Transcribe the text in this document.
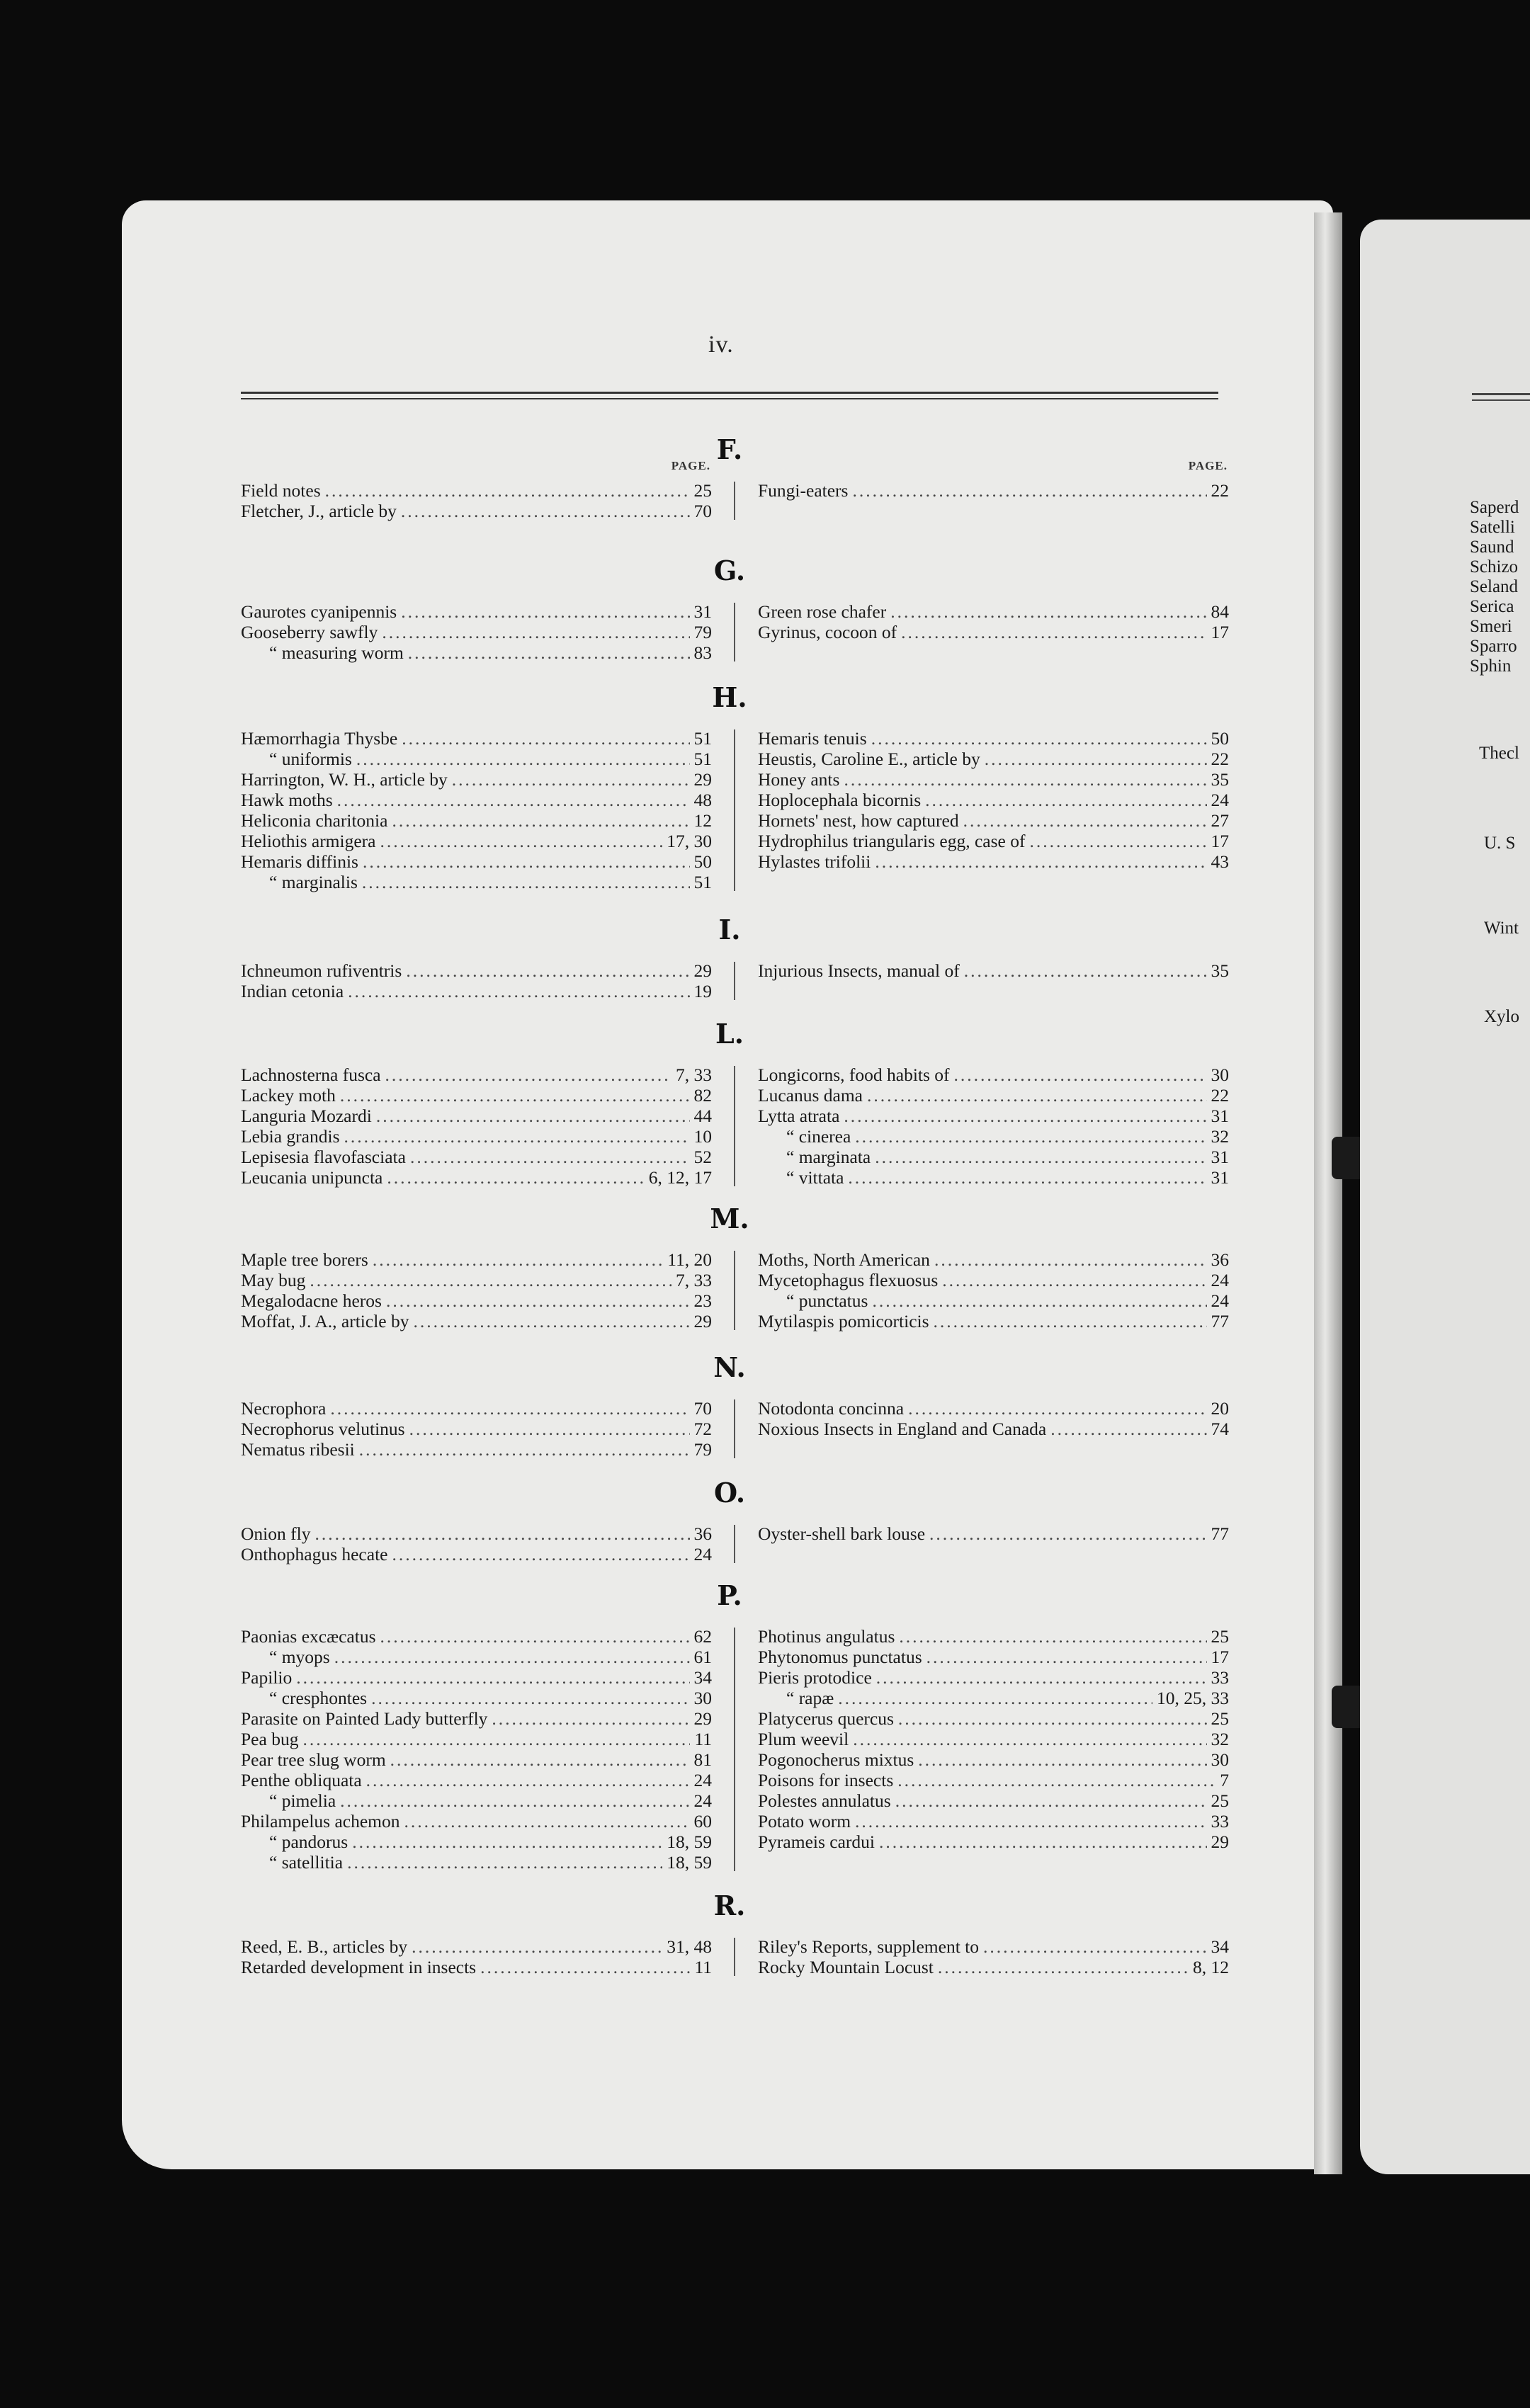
Saperd
Satelli
Saund
Schizo
Seland
Serica
Smeri
Sparro
Sphin
Thecl
U. S
Wint
Xylo
iv.
F.
PAGE.
Field notes .....	25
Fletcher, J., article by .....	70
PAGE.
Fungi-eaters .....	22
G.
Gaurotes cyanipennis .....	31
Gooseberry sawfly .....	79
“ measuring worm .....	83
Green rose chafer .....	84
Gyrinus, cocoon of .....	17
H.
Hæmorrhagia Thysbe .....	51
“ uniformis .....	51
Harrington, W. H., article by .....	29
Hawk moths .....	48
Heliconia charitonia .....	12
Heliothis armigera .....	17, 30
Hemaris diffinis .....	50
“ marginalis .....	51
Hemaris tenuis .....	50
Heustis, Caroline E., article by .....	22
Honey ants .....	35
Hoplocephala bicornis .....	24
Hornets' nest, how captured .....	27
Hydrophilus triangularis egg, case of .....	17
Hylastes trifolii .....	43
I.
Ichneumon rufiventris .....	29
Indian cetonia .....	19
Injurious Insects, manual of .....	35
L.
Lachnosterna fusca .....	7, 33
Lackey moth .....	82
Languria Mozardi .....	44
Lebia grandis .....	10
Lepisesia flavofasciata .....	52
Leucania unipuncta .....	6, 12, 17
Longicorns, food habits of .....	30
Lucanus dama .....	22
Lytta atrata .....	31
“ cinerea .....	32
“ marginata .....	31
“ vittata .....	31
M.
Maple tree borers .....	11, 20
May bug .....	7, 33
Megalodacne heros .....	23
Moffat, J. A., article by .....	29
Moths, North American .....	36
Mycetophagus flexuosus .....	24
“ punctatus .....	24
Mytilaspis pomicorticis .....	77
N.
Necrophora .....	70
Necrophorus velutinus .....	72
Nematus ribesii .....	79
Notodonta concinna .....	20
Noxious Insects in England and Canada .....	74
O.
Onion fly .....	36
Onthophagus hecate .....	24
Oyster-shell bark louse .....	77
P.
Paonias excæcatus .....	62
“ myops .....	61
Papilio .....	34
“ cresphontes .....	30
Parasite on Painted Lady butterfly .....	29
Pea bug .....	11
Pear tree slug worm .....	81
Penthe obliquata .....	24
“ pimelia .....	24
Philampelus achemon .....	60
“ pandorus .....	18, 59
“ satellitia .....	18, 59
Photinus angulatus .....	25
Phytonomus punctatus .....	17
Pieris protodice .....	33
“ rapæ .....	10, 25, 33
Platycerus quercus .....	25
Plum weevil .....	32
Pogonocherus mixtus .....	30
Poisons for insects .....	7
Polestes annulatus .....	25
Potato worm .....	33
Pyrameis cardui .....	29
R.
Reed, E. B., articles by .....	31, 48
Retarded development in insects .....	11
Riley's Reports, supplement to .....	34
Rocky Mountain Locust .....	8, 12
